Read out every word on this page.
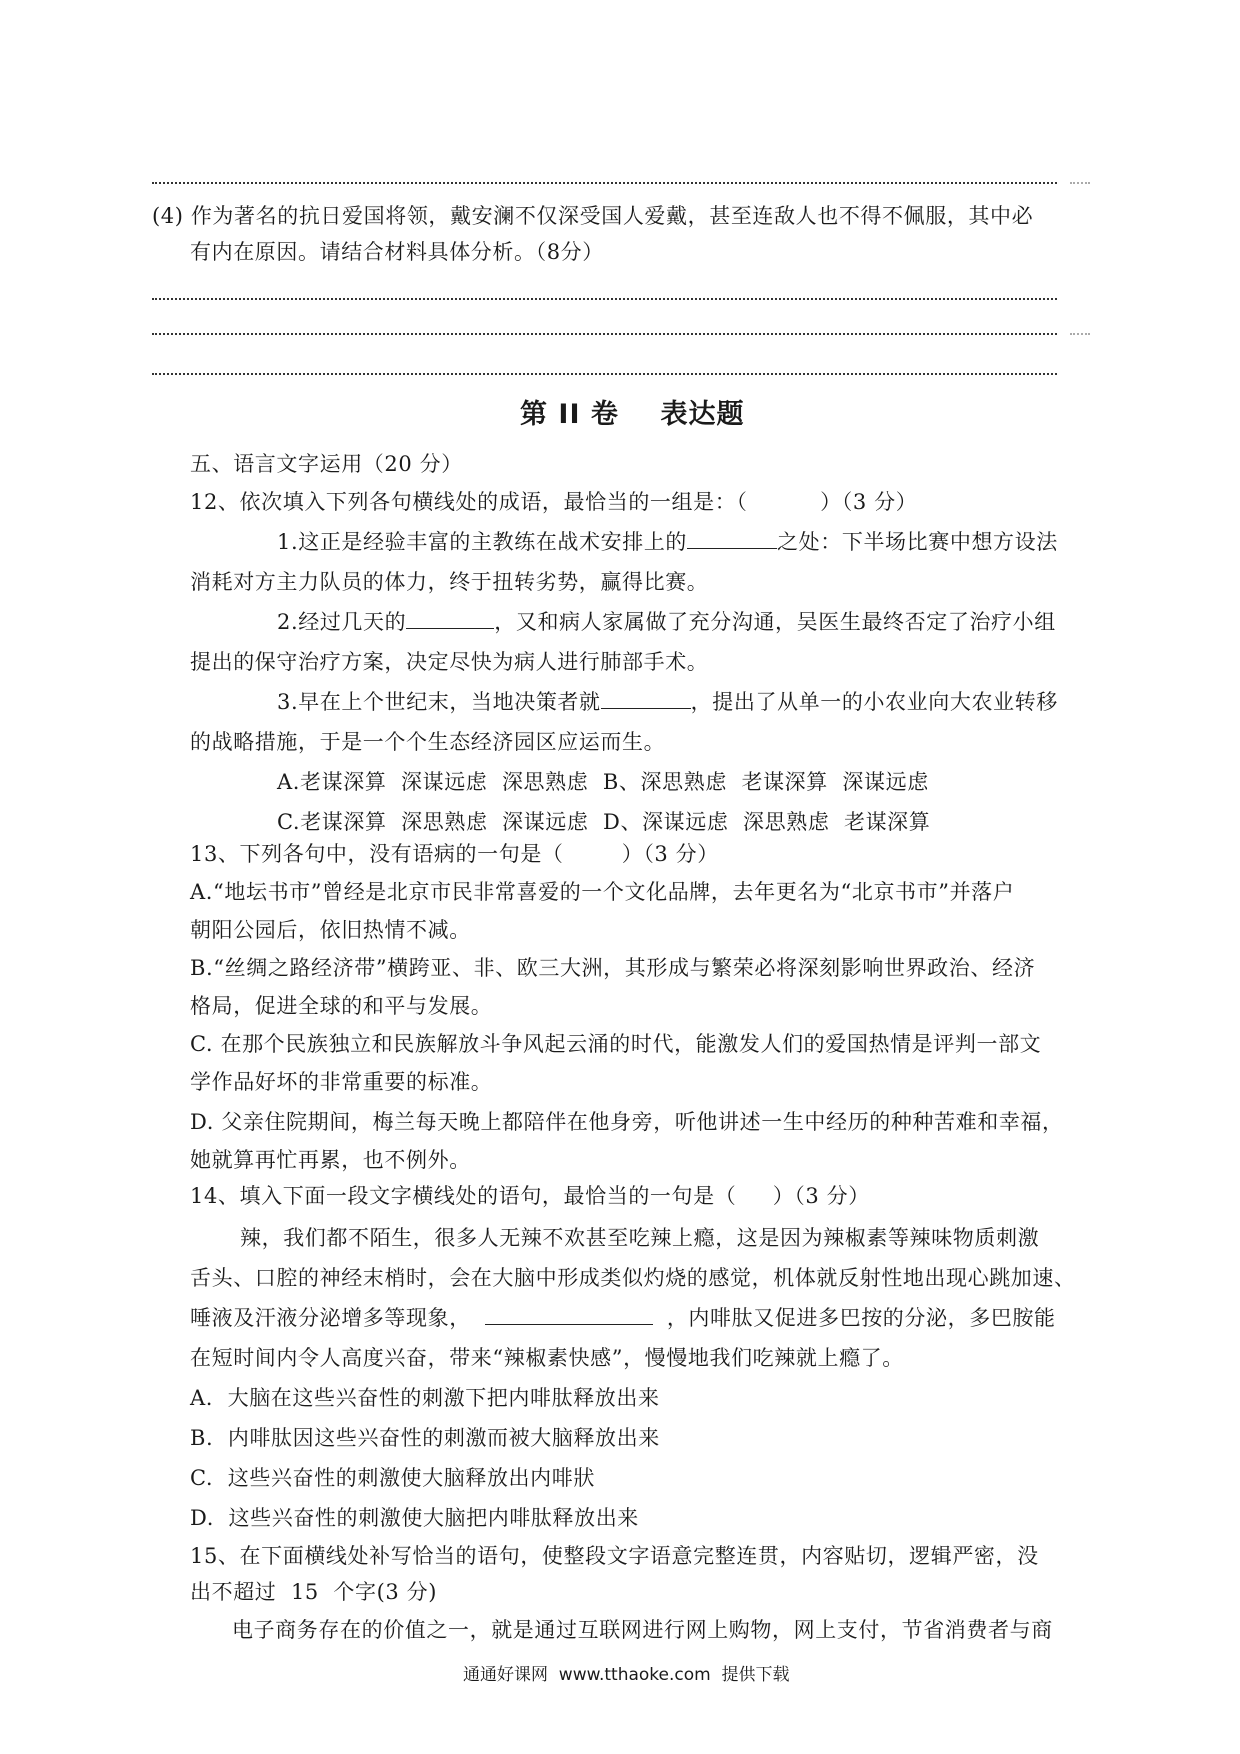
(4) 作为著名的抗日爱国将领，戴安澜不仅深受国人爱戴，甚至连敌人也不得不佩服，其中必
有内在原因。请结合材料具体分析。（8分）
第 II 卷    表达题
五、语言文字运用（20 分）
12、依次填入下列各句横线处的成语，最恰当的一组是：（          ）（3 分）
1.这正是经验丰富的主教练在战术安排上的	之处：下半场比赛中想方设法
消耗对方主力队员的体力，终于扭转劣势，赢得比赛。
2.经过几天的	，又和病人家属做了充分沟通，吴医生最终否定了治疗小组
提出的保守治疗方案，决定尽快为病人进行肺部手术。
3.早在上个世纪末，当地决策者就	，提出了从单一的小农业向大农业转移
的战略措施，于是一个个生态经济园区应运而生。
A.老谋深算  深谋远虑  深思熟虑  B、深思熟虑  老谋深算  深谋远虑
C.老谋深算  深思熟虑  深谋远虑  D、深谋远虑  深思熟虑  老谋深算
13、下列各句中，没有语病的一句是（        ）（3 分）
A.“地坛书市”曾经是北京市民非常喜爱的一个文化品牌，去年更名为“北京书市”并落户
朝阳公园后，依旧热情不减。
B.“丝绸之路经济带”横跨亚、非、欧三大洲，其形成与繁荣必将深刻影响世界政治、经济
格局，促进全球的和平与发展。
C. 在那个民族独立和民族解放斗争风起云涌的时代，能激发人们的爱国热情是评判一部文
学作品好坏的非常重要的标准。
D. 父亲住院期间，梅兰每天晚上都陪伴在他身旁，听他讲述一生中经历的种种苦难和幸福，
她就算再忙再累，也不例外。
14、填入下面一段文字横线处的语句，最恰当的一句是（     ）（3 分）
辣，我们都不陌生，很多人无辣不欢甚至吃辣上瘾，这是因为辣椒素等辣味物质刺激
舌头、口腔的神经末梢时，会在大脑中形成类似灼烧的感觉，机体就反射性地出现心跳加速、
唾液及汗液分泌增多等现象，	，内啡肽又促进多巴按的分泌，多巴胺能
在短时间内令人高度兴奋，带来“辣椒素快感”，慢慢地我们吃辣就上瘾了。
A.  大脑在这些兴奋性的刺激下把内啡肽释放出来
B.  内啡肽因这些兴奋性的刺激而被大脑释放出来
C.  这些兴奋性的刺激使大脑释放出内啡狀
D.  这些兴奋性的刺激使大脑把内啡肽释放出来
15、在下面横线处补写恰当的语句，使整段文字语意完整连贯，内容贴切，逻辑严密，没
出不超过  15  个字(3 分)
电子商务存在的价值之一，就是通过互联网进行网上购物，网上支付，节省消费者与商
通通好课网  www.tthaoke.com  提供下载
